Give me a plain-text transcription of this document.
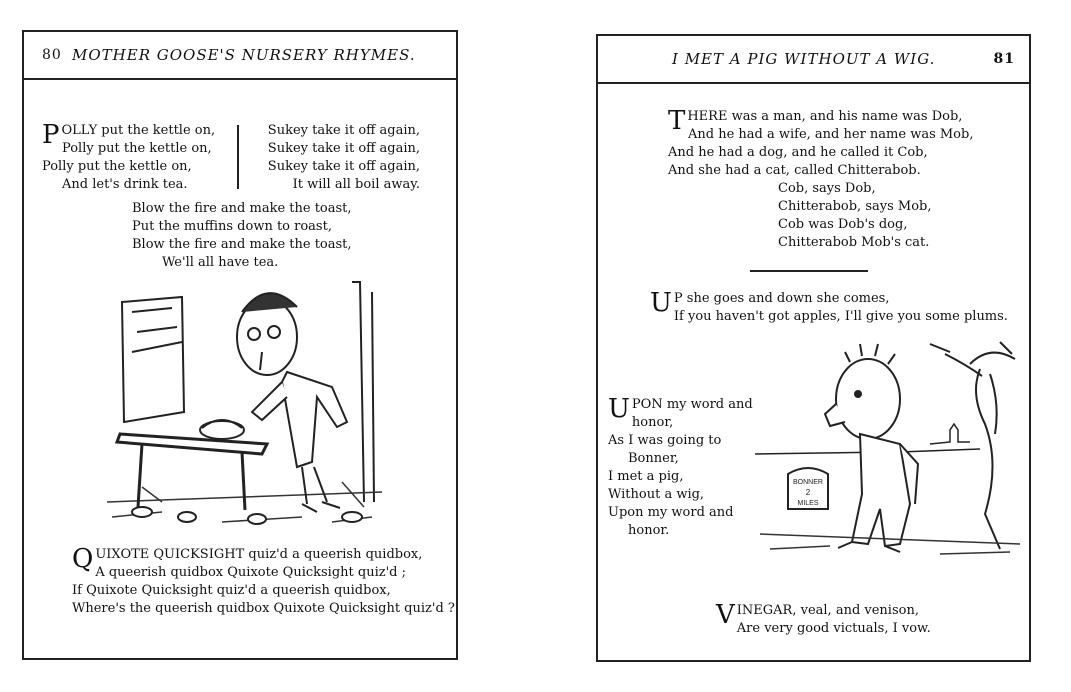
80 MOTHER GOOSE'S NURSERY RHYMES.
POLLY put the kettle on,
Polly put the kettle on,
Polly put the kettle on,
And let's drink tea.
Sukey take it off again,
Sukey take it off again,
Sukey take it off again,
It will all boil away.
Blow the fire and make the toast,
Put the muffins down to roast,
Blow the fire and make the toast,
We'll all have tea.
QUIXOTE QUICKSIGHT quiz'd a queerish quidbox,
A queerish quidbox Quixote Quicksight quiz'd ;
If Quixote Quicksight quiz'd a queerish quidbox,
Where's the queerish quidbox Quixote Quicksight quiz'd ?
I MET A PIG WITHOUT A WIG.	81
THERE was a man, and his name was Dob,
And he had a wife, and her name was Mob,
And he had a dog, and he called it Cob,
And she had a cat, called Chitterabob.
Cob, says Dob,
Chitterabob, says Mob,
Cob was Dob's dog,
Chitterabob Mob's cat.
U P she goes and down she comes,
If you haven't got apples, I'll give you some plums.
UPON my word and
honor,
As I was going to
Bonner,
I met a pig,
Without a wig,
Upon my word and
honor.
BONNER
2
MILES
VINEGAR, veal, and venison,
Are very good victuals, I vow.
